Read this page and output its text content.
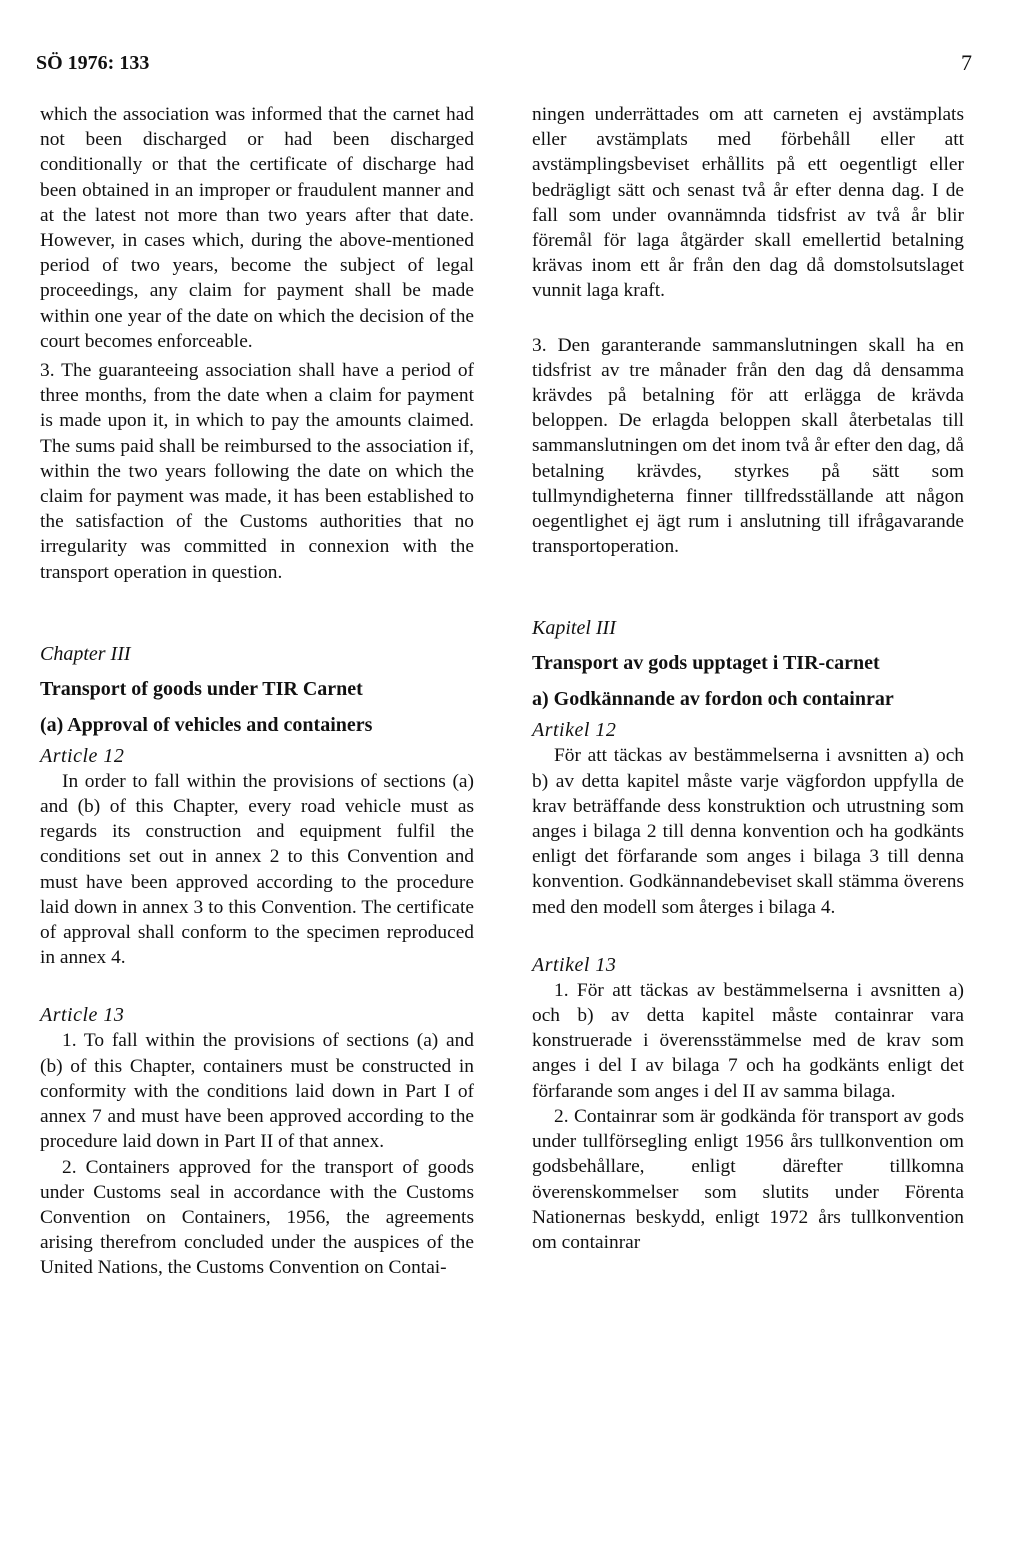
SÖ 1976: 133	7

which the association was informed that the carnet had not been discharged or had been discharged conditionally or that the certificate of discharge had been obtained in an improper or fraudulent manner and at the latest not more than two years after that date. However, in cases which, during the above-mentioned period of two years, become the subject of legal proceedings, any claim for payment shall be made within one year of the date on which the decision of the court becomes enforceable.

3. The guaranteeing association shall have a period of three months, from the date when a claim for payment is made upon it, in which to pay the amounts claimed. The sums paid shall be reimbursed to the association if, within the two years following the date on which the claim for payment was made, it has been established to the satisfaction of the Customs authorities that no irregularity was committed in connexion with the transport operation in question.

Chapter III
Transport of goods under TIR Carnet
(a) Approval of vehicles and containers
Article 12

In order to fall within the provisions of sections (a) and (b) of this Chapter, every road vehicle must as regards its construction and equipment fulfil the conditions set out in annex 2 to this Convention and must have been approved according to the procedure laid down in annex 3 to this Convention. The certificate of approval shall conform to the specimen reproduced in annex 4.

Article 13

1. To fall within the provisions of sections (a) and (b) of this Chapter, containers must be constructed in conformity with the conditions laid down in Part I of annex 7 and must have been approved according to the procedure laid down in Part II of that annex.

2. Containers approved for the transport of goods under Customs seal in accordance with the Customs Convention on Containers, 1956, the agreements arising therefrom concluded under the auspices of the United Nations, the Customs Convention on Contai-

ningen underrättades om att carneten ej avstämplats eller avstämplats med förbehåll eller att avstämplingsbeviset erhållits på ett oegentligt eller bedrägligt sätt och senast två år efter denna dag. I de fall som under ovannämnda tidsfrist av två år blir föremål för laga åtgärder skall emellertid betalning krävas inom ett år från den dag då domstolsutslaget vunnit laga kraft.

3. Den garanterande sammanslutningen skall ha en tidsfrist av tre månader från den dag då densamma krävdes på betalning för att erlägga de krävda beloppen. De erlagda beloppen skall återbetalas till sammanslutningen om det inom två år efter den dag, då betalning krävdes, styrkes på sätt som tullmyndigheterna finner tillfredsställande att någon oegentlighet ej ägt rum i anslutning till ifrågavarande transportoperation.

Kapitel III
Transport av gods upptaget i TIR-carnet
a) Godkännande av fordon och containrar
Artikel 12

För att täckas av bestämmelserna i avsnitten a) och b) av detta kapitel måste varje vägfordon uppfylla de krav beträffande dess konstruktion och utrustning som anges i bilaga 2 till denna konvention och ha godkänts enligt det förfarande som anges i bilaga 3 till denna konvention. Godkännandebeviset skall stämma överens med den modell som återges i bilaga 4.

Artikel 13

1. För att täckas av bestämmelserna i avsnitten a) och b) av detta kapitel måste containrar vara konstruerade i överensstämmelse med de krav som anges i del I av bilaga 7 och ha godkänts enligt det förfarande som anges i del II av samma bilaga.

2. Containrar som är godkända för transport av gods under tullförsegling enligt 1956 års tullkonvention om godsbehållare, enligt därefter tillkomna överenskommelser som slutits under Förenta Nationernas beskydd, enligt 1972 års tullkonvention om containrar
